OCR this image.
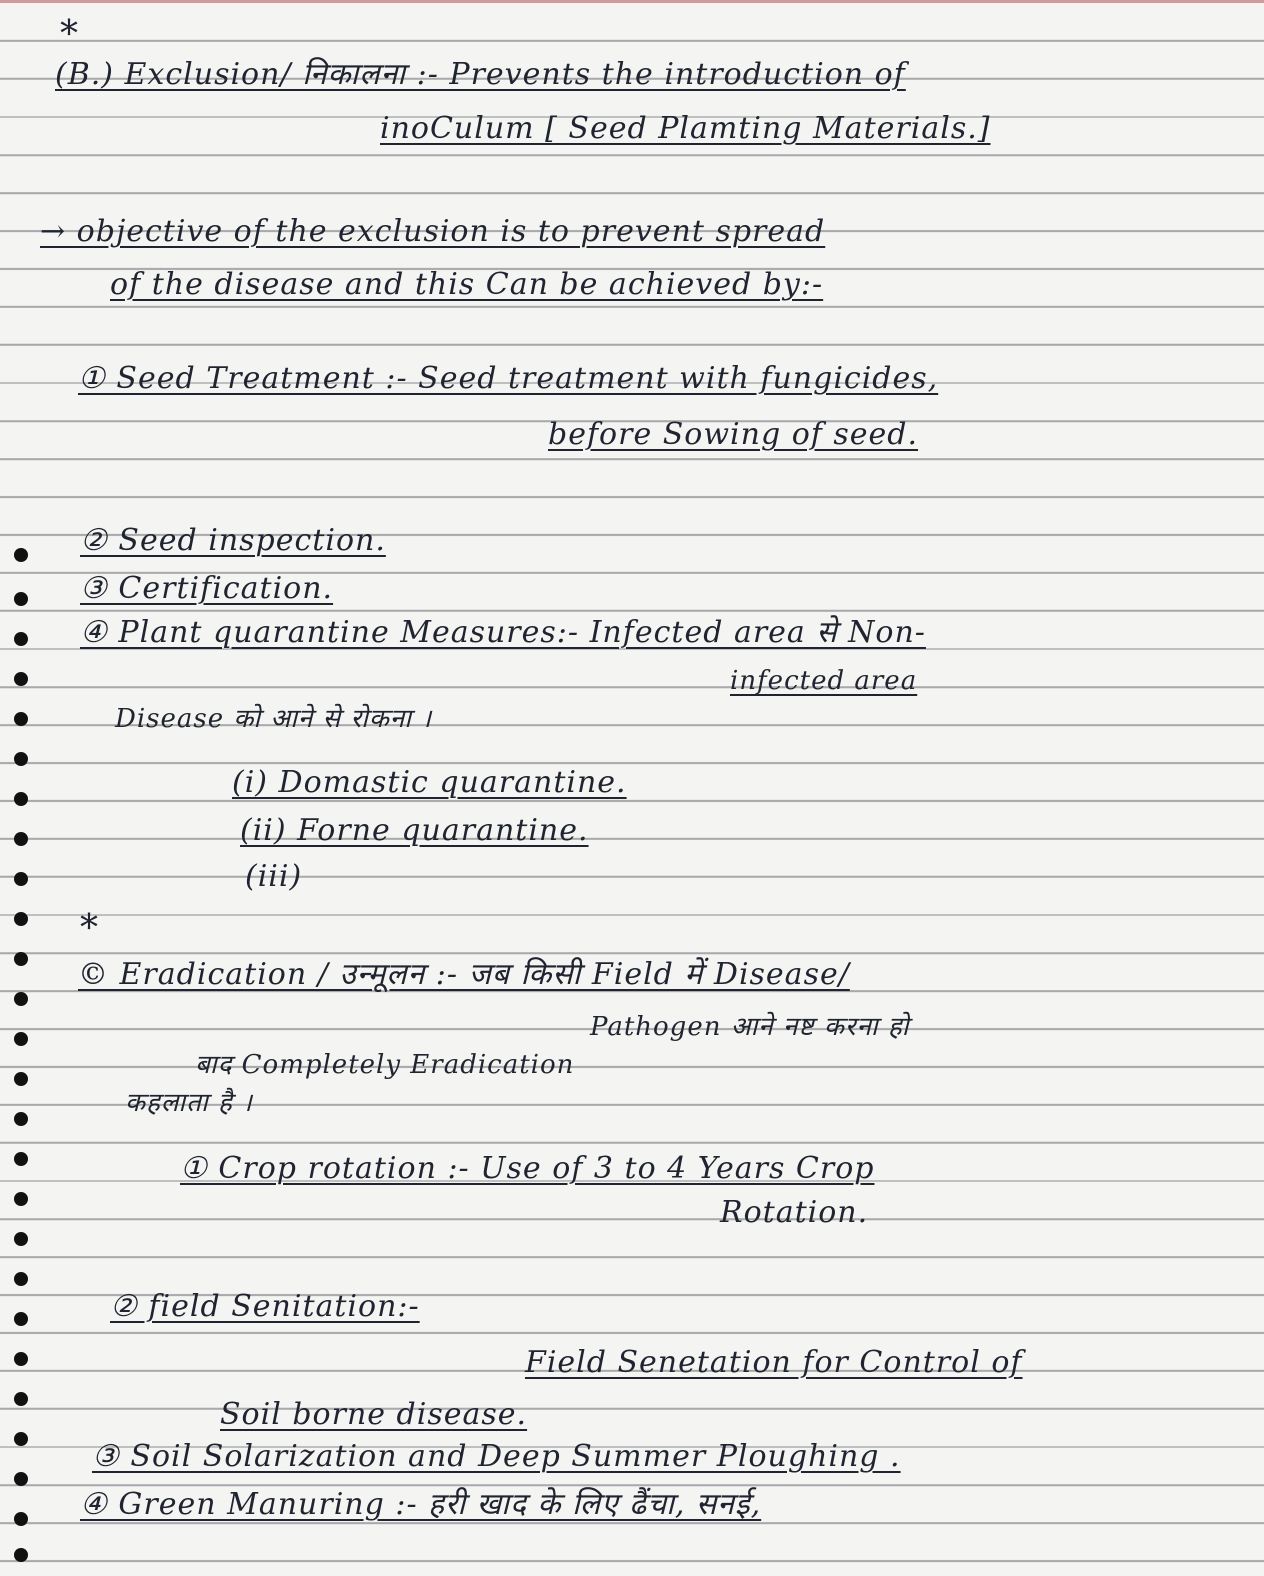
*
(B.) Exclusion/ निकालना :- Prevents the introduction of
inoCulum [ Seed Plamting Materials.]
→ objective of the exclusion is to prevent spread
of the disease and this Can be achieved by:-
① Seed Treatment :- Seed treatment with fungicides,
before Sowing of seed.
② Seed inspection.
③ Certification.
④ Plant quarantine Measures:- Infected area से Non-
infected area
Disease को आने से रोकना ।
(i) Domastic quarantine.
(ii) Forne quarantine.
(iii)
*
© Eradication / उन्मूलन :- जब किसी Field में Disease/
Pathogen आने नष्ट करना हो
बाद Completely Eradication
कहलाता है ।
① Crop rotation :- Use of 3 to 4 Years Crop
Rotation.
② field Senitation:-
Field Senetation for Control of
Soil borne disease.
③ Soil Solarization and Deep Summer Ploughing .
④ Green Manuring :- हरी खाद के लिए ढैंचा, सनई,
